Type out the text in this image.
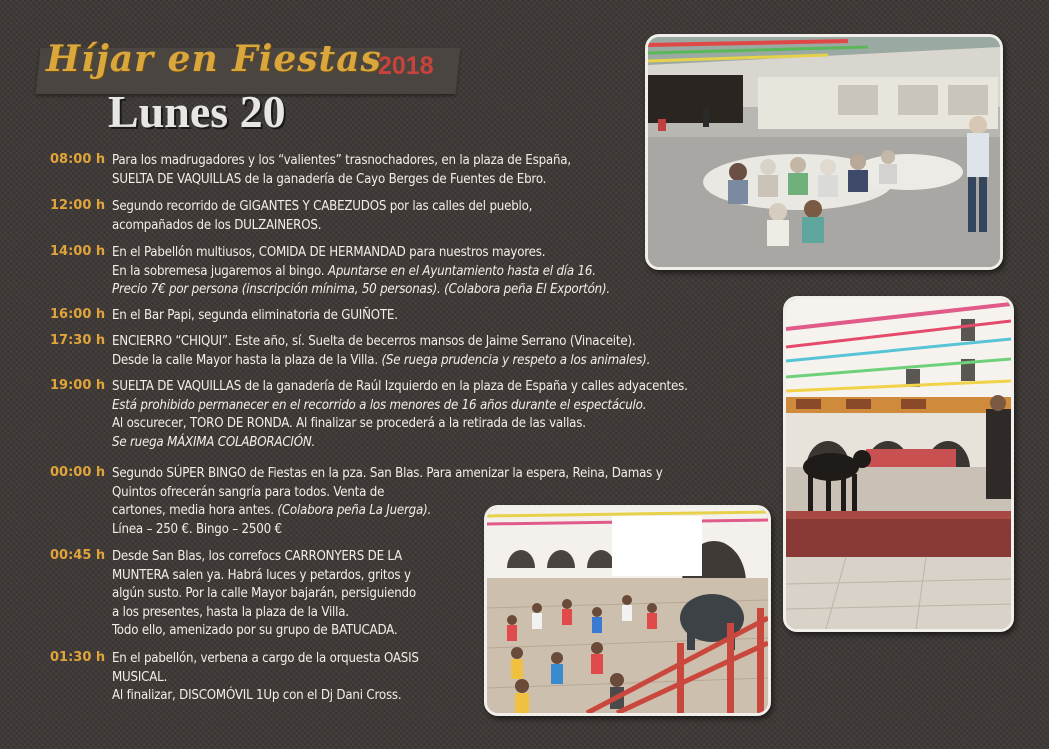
Híjar en Fiestas
2018
Lunes 20
08:00 h Para los madrugadores y los “valientes” trasnochadores, en la plaza de España,
SUELTA DE VAQUILLAS de la ganadería de Cayo Berges de Fuentes de Ebro.
12:00 h Segundo recorrido de GIGANTES Y CABEZUDOS por las calles del pueblo,
acompañados de los DULZAINEROS.
14:00 h En el Pabellón multiusos, COMIDA DE HERMANDAD para nuestros mayores.
En la sobremesa jugaremos al bingo. Apuntarse en el Ayuntamiento hasta el día 16.
Precio 7€ por persona (inscripción mínima, 50 personas). (Colabora peña El Exportón).
16:00 h En el Bar Papi, segunda eliminatoria de GUIÑOTE.
17:30 h ENCIERRO “CHIQUI”. Este año, sí. Suelta de becerros mansos de Jaime Serrano (Vinaceite).
Desde la calle Mayor hasta la plaza de la Villa. (Se ruega prudencia y respeto a los animales).
19:00 h SUELTA DE VAQUILLAS de la ganadería de Raúl Izquierdo en la plaza de España y calles adyacentes.
Está prohibido permanecer en el recorrido a los menores de 16 años durante el espectáculo.
Al oscurecer, TORO DE RONDA. Al finalizar se procederá a la retirada de las vallas.
Se ruega MÁXIMA COLABORACIÓN.
00:00 h Segundo SÚPER BINGO de Fiestas en la pza. San Blas. Para amenizar la espera, Reina, Damas y
Quintos ofrecerán sangría para todos. Venta de
cartones, media hora antes. (Colabora peña La Juerga).
Línea – 250 €. Bingo – 2500 €
00:45 h Desde San Blas, los correfocs CARRONYERS DE LA
MUNTERA salen ya. Habrá luces y petardos, gritos y
algún susto. Por la calle Mayor bajarán, persiguiendo
a los presentes, hasta la plaza de la Villa.
Todo ello, amenizado por su grupo de BATUCADA.
01:30 h En el pabellón, verbena a cargo de la orquesta OASIS
MUSICAL.
Al finalizar, DISCOMÓVIL 1Up con el Dj Dani Cross.
